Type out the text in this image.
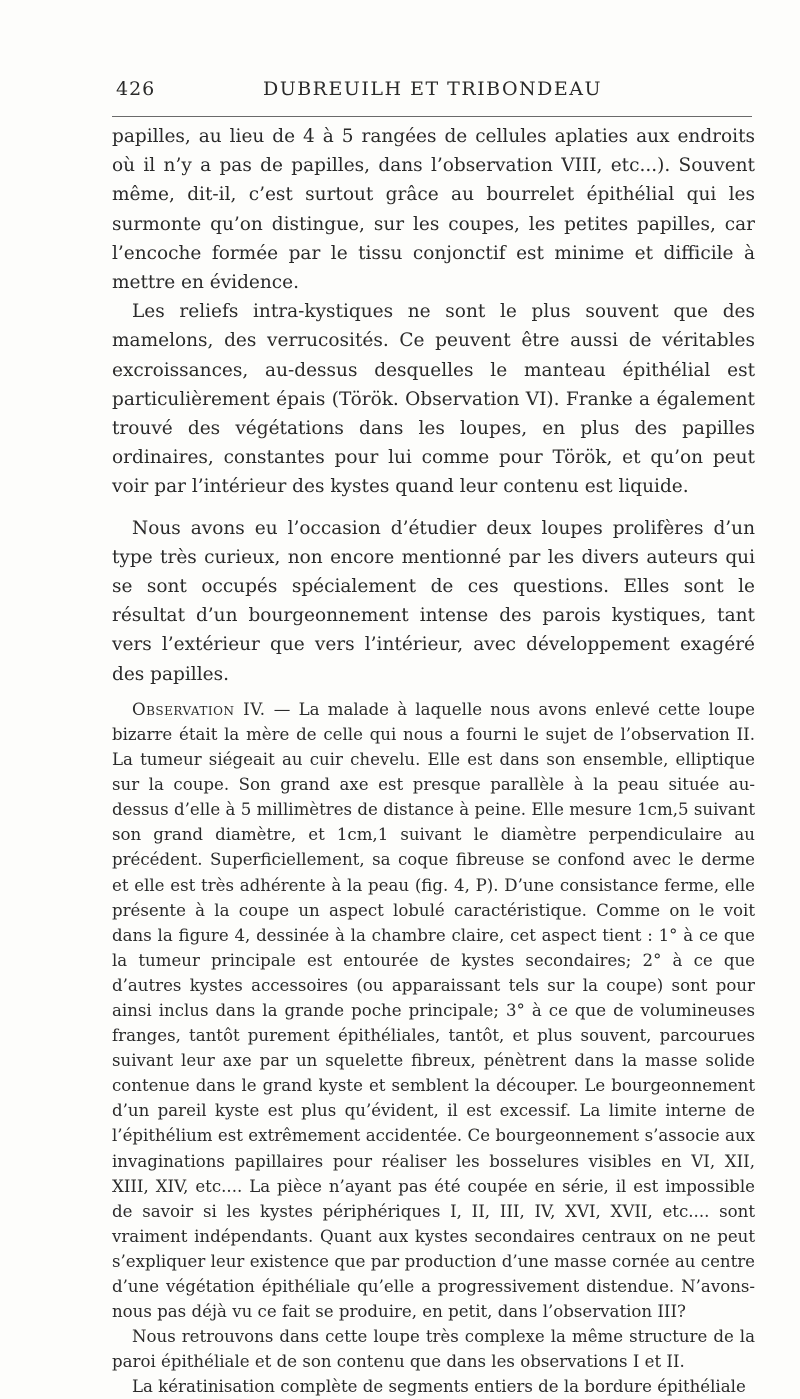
426	DUBREUILH ET TRIBONDEAU

papilles, au lieu de 4 à 5 rangées de cellules aplaties aux endroits où il n’y a pas de papilles, dans l’observation VIII, etc...). Souvent même, dit-il, c’est surtout grâce au bourrelet épithélial qui les surmonte qu’on distingue, sur les coupes, les petites papilles, car l’encoche formée par le tissu conjonctif est minime et difficile à mettre en évidence.

Les reliefs intra-kystiques ne sont le plus souvent que des mamelons, des verrucosités. Ce peuvent être aussi de véritables excroissances, au-dessus desquelles le manteau épithélial est particulièrement épais (Török. Observation VI). Franke a également trouvé des végétations dans les loupes, en plus des papilles ordinaires, constantes pour lui comme pour Török, et qu’on peut voir par l’intérieur des kystes quand leur contenu est liquide.

Nous avons eu l’occasion d’étudier deux loupes prolifères d’un type très curieux, non encore mentionné par les divers auteurs qui se sont occupés spécialement de ces questions. Elles sont le résultat d’un bourgeonnement intense des parois kystiques, tant vers l’extérieur que vers l’intérieur, avec développement exagéré des papilles.

Observation IV. — La malade à laquelle nous avons enlevé cette loupe bizarre était la mère de celle qui nous a fourni le sujet de l’observation II. La tumeur siégeait au cuir chevelu. Elle est dans son ensemble, elliptique sur la coupe. Son grand axe est presque parallèle à la peau située au-dessus d’elle à 5 millimètres de distance à peine. Elle mesure 1cm,5 suivant son grand diamètre, et 1cm,1 suivant le diamètre perpendiculaire au précédent. Superficiellement, sa coque fibreuse se confond avec le derme et elle est très adhérente à la peau (fig. 4, P). D’une consistance ferme, elle présente à la coupe un aspect lobulé caractéristique. Comme on le voit dans la figure 4, dessinée à la chambre claire, cet aspect tient : 1° à ce que la tumeur principale est entourée de kystes secondaires; 2° à ce que d’autres kystes accessoires (ou apparaissant tels sur la coupe) sont pour ainsi inclus dans la grande poche principale; 3° à ce que de volumineuses franges, tantôt purement épithéliales, tantôt, et plus souvent, parcourues suivant leur axe par un squelette fibreux, pénètrent dans la masse solide contenue dans le grand kyste et semblent la découper. Le bourgeonnement d’un pareil kyste est plus qu’évident, il est excessif. La limite interne de l’épithélium est extrêmement accidentée. Ce bourgeonnement s’associe aux invaginations papillaires pour réaliser les bosselures visibles en VI, XII, XIII, XIV, etc.... La pièce n’ayant pas été coupée en série, il est impossible de savoir si les kystes périphériques I, II, III, IV, XVI, XVII, etc.... sont vraiment indépendants. Quant aux kystes secondaires centraux on ne peut s’expliquer leur existence que par production d’une masse cornée au centre d’une végétation épithéliale qu’elle a progressivement distendue. N’avons-nous pas déjà vu ce fait se produire, en petit, dans l’observation III?

Nous retrouvons dans cette loupe très complexe la même structure de la paroi épithéliale et de son contenu que dans les observations I et II.

La kératinisation complète de segments entiers de la bordure épithéliale
